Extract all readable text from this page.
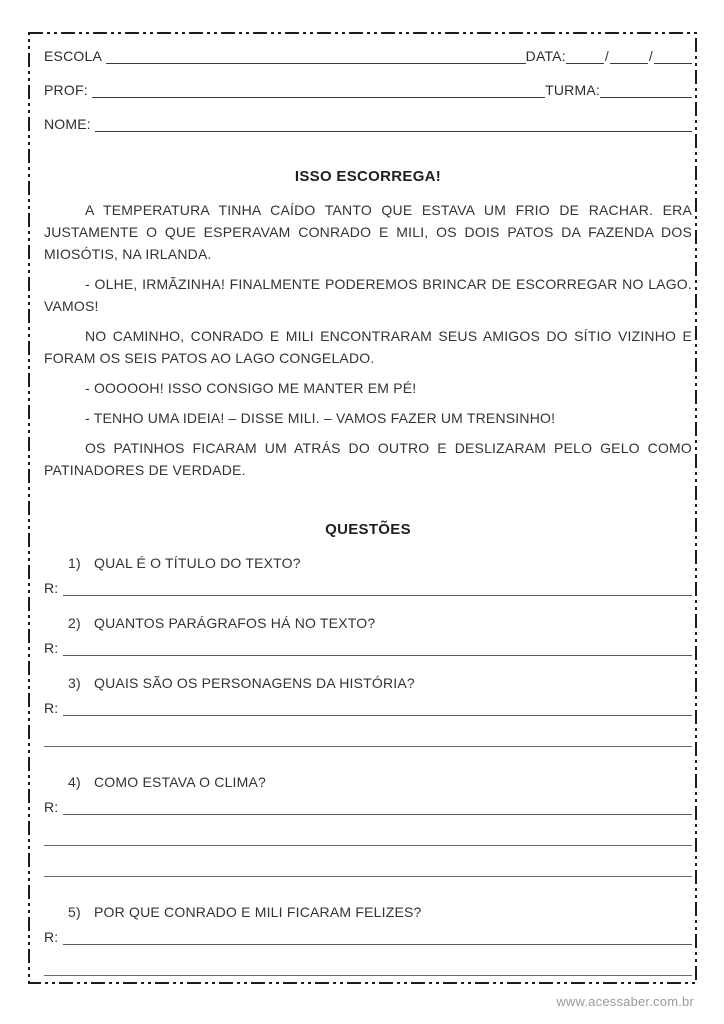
ESCOLA	DATA:	/	/
PROF:	TURMA:
NOME:
ISSO ESCORREGA!

A TEMPERATURA TINHA CAÍDO TANTO QUE ESTAVA UM FRIO DE RACHAR. ERA JUSTAMENTE O QUE ESPERAVAM CONRADO E MILI, OS DOIS PATOS DA FAZENDA DOS MIOSÓTIS, NA IRLANDA.

- OLHE, IRMÃZINHA! FINALMENTE PODEREMOS BRINCAR DE ESCORREGAR NO LAGO. VAMOS!

NO CAMINHO, CONRADO E MILI ENCONTRARAM SEUS AMIGOS DO SÍTIO VIZINHO E FORAM OS SEIS PATOS AO LAGO CONGELADO.

- OOOOOH! ISSO CONSIGO ME MANTER EM PÉ!

- TENHO UMA IDEIA! – DISSE MILI. – VAMOS FAZER UM TRENSINHO!

OS PATINHOS FICARAM UM ATRÁS DO OUTRO E DESLIZARAM PELO GELO COMO PATINADORES DE VERDADE.

QUESTÕES
1) QUAL É O TÍTULO DO TEXTO?
R:
2) QUANTOS PARÁGRAFOS HÁ NO TEXTO?
R:
3) QUAIS SÃO OS PERSONAGENS DA HISTÓRIA?
R:
4) COMO ESTAVA O CLIMA?
R:
5) POR QUE CONRADO E MILI FICARAM FELIZES?
R:
www.acessaber.com.br
